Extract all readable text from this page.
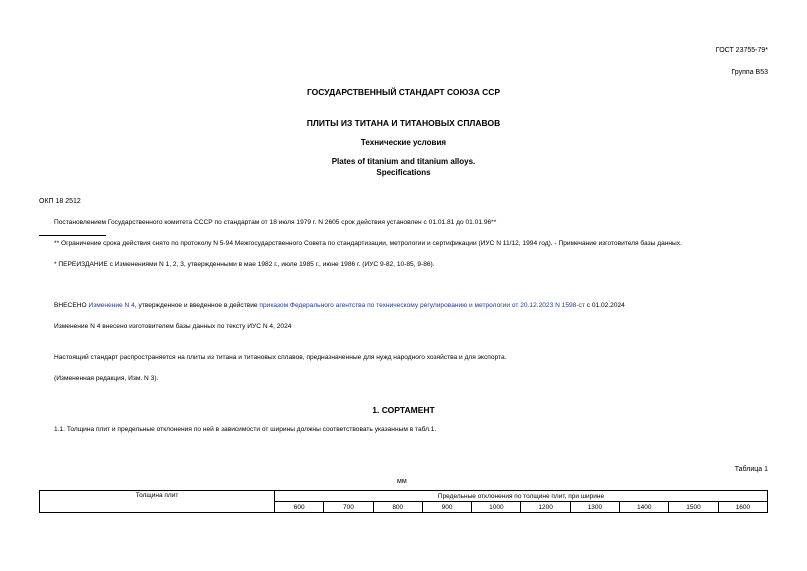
ГОСТ 23755-79*
Группа В53
ГОСУДАРСТВЕННЫЙ СТАНДАРТ СОЮЗА ССР
ПЛИТЫ ИЗ ТИТАНА И ТИТАНОВЫХ СПЛАВОВ
Технические условия
Plates of titanium and titanium alloys.
Specifications
ОКП 18 2512
Постановлением Государственного комитета СССР по стандартам от 18 июля 1979 г. N 2605 срок действия установлен с 01.01.81 до 01.01.96**
** Ограничение срока действия снято по протоколу N 5-94 Межгосударственного Совета по стандартизации, метрологии и сертификации (ИУС N 11/12, 1994 год). - Примечание изготовителя базы данных.
* ПЕРЕИЗДАНИЕ с Изменениями N 1, 2, 3, утвержденными в мае 1982 г., июле 1985 г., июне 1986 г. (ИУС 9-82, 10-85, 9-86).
ВНЕСЕНО Изменение N 4, утвержденное и введенное в действие приказом Федерального агентства по техническому регулированию и метрологии от 20.12.2023 N 1598-ст с 01.02.2024
Изменение N 4 внесено изготовителем базы данных по тексту ИУС N 4, 2024
Настоящий стандарт распространяется на плиты из титана и титановых сплавов, предназначенные для нужд народного хозяйства и для экспорта.
(Измененная редакция, Изм. N 3).
1. СОРТАМЕНТ
1.1. Толщина плит и предельные отклонения по ней в зависимости от ширины должны соответствовать указанным в табл.1.
Таблица 1
мм
Толщина плит	Предельные отклонения по толщине плит, при ширине									
	600	700	800	900	1000	1200	1300	1400	1500	1600
